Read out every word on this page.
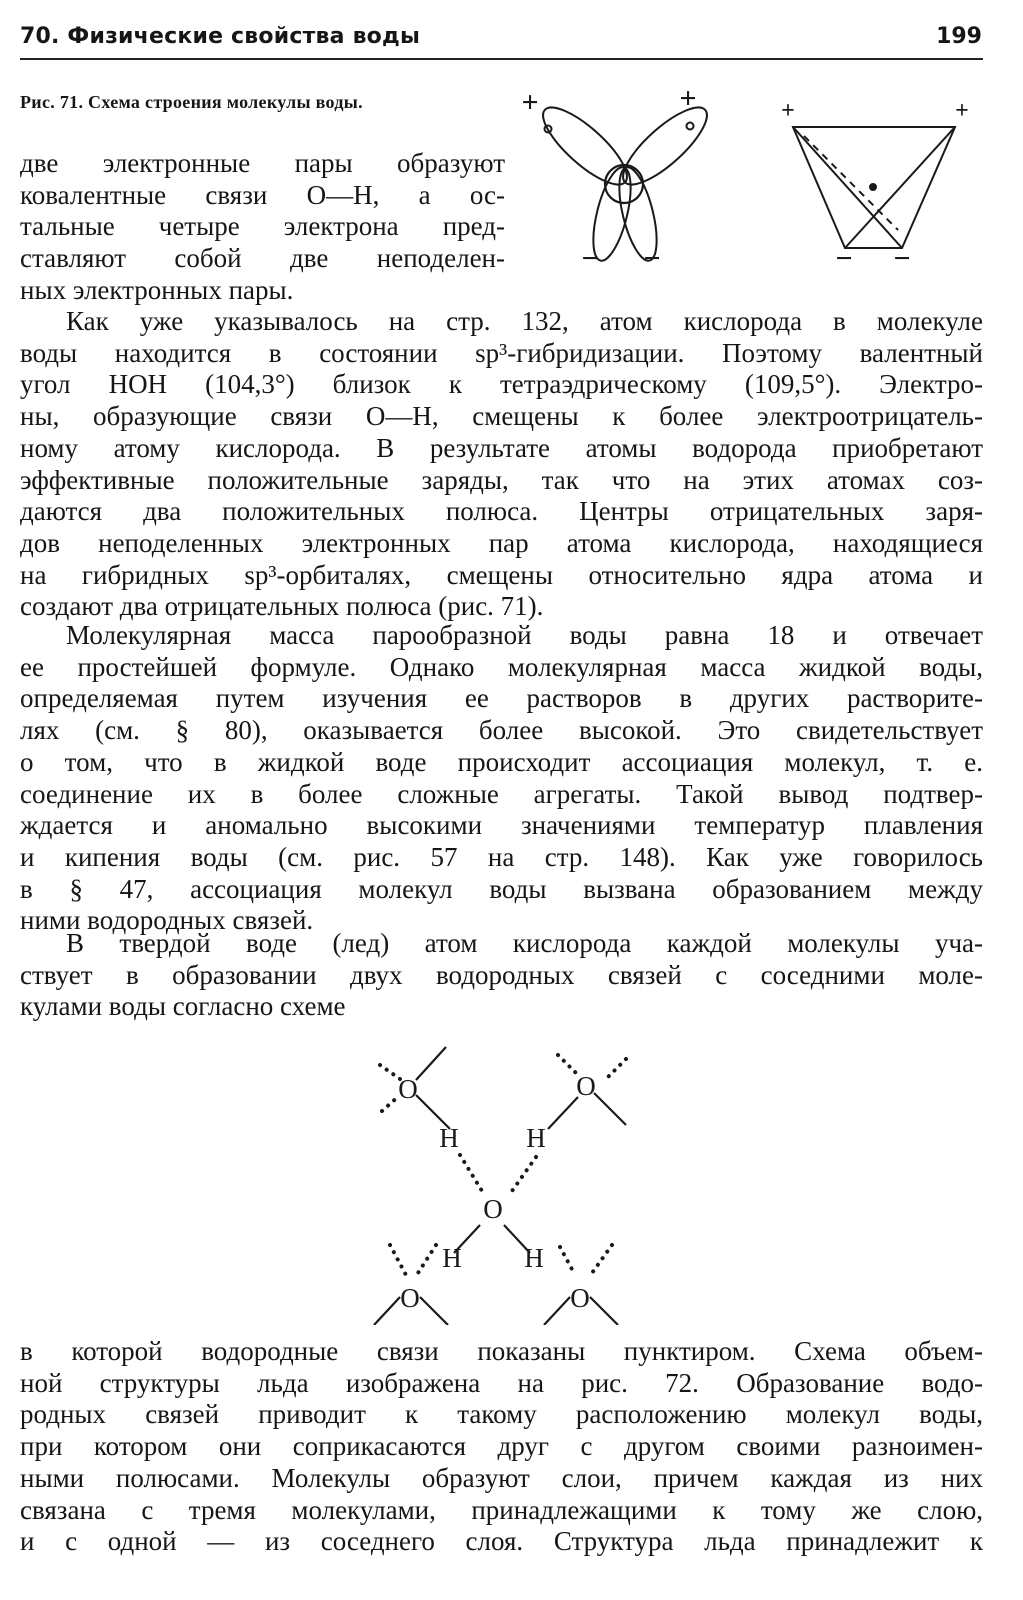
70. Физические свойства воды	199
Рис. 71. Схема строения молекулы воды.	+	+	+	+
− −	− −
две электронные пары образуют
ковалентные связи О—Н, а ос-
тальные четыре электрона пред-
ставляют собой две неподелен-
ных электронных пары.
Как уже указывалось на стр. 132, атом кислорода в молекуле
воды находится в состоянии sp³-гибридизации. Поэтому валентный
угол НОН (104,3°) близок к тетраэдрическому (109,5°). Электро-
ны, образующие связи О—Н, смещены к более электроотрицатель-
ному атому кислорода. В результате атомы водорода приобретают
эффективные положительные заряды, так что на этих атомах соз-
даются два положительных полюса. Центры отрицательных заря-
дов неподеленных электронных пар атома кислорода, находящиеся
на гибридных sp³-орбиталях, смещены относительно ядра атома и
создают два отрицательных полюса (рис. 71).
Молекулярная масса парообразной воды равна 18 и отвечает
ее простейшей формуле. Однако молекулярная масса жидкой воды,
определяемая путем изучения ее растворов в других растворите-
лях (см. § 80), оказывается более высокой. Это свидетельствует
о том, что в жидкой воде происходит ассоциация молекул, т. е.
соединение их в более сложные агрегаты. Такой вывод подтвер-
ждается и аномально высокими значениями температур плавления
и кипения воды (см. рис. 57 на стр. 148). Как уже говорилось
в § 47, ассоциация молекул воды вызвана образованием между
ними водородных связей.
В твердой воде (лед) атом кислорода каждой молекулы уча-
ствует в образовании двух водородных связей с соседними моле-
кулами воды согласно схеме
O	O
H	H
O
H H
O	O
в которой водородные связи показаны пунктиром. Схема объем-
ной структуры льда изображена на рис. 72. Образование водо-
родных связей приводит к такому расположению молекул воды,
при котором они соприкасаются друг с другом своими разноимен-
ными полюсами. Молекулы образуют слои, причем каждая из них
связана с тремя молекулами, принадлежащими к тому же слою,
и с одной — из соседнего слоя. Структура льда принадлежит к
